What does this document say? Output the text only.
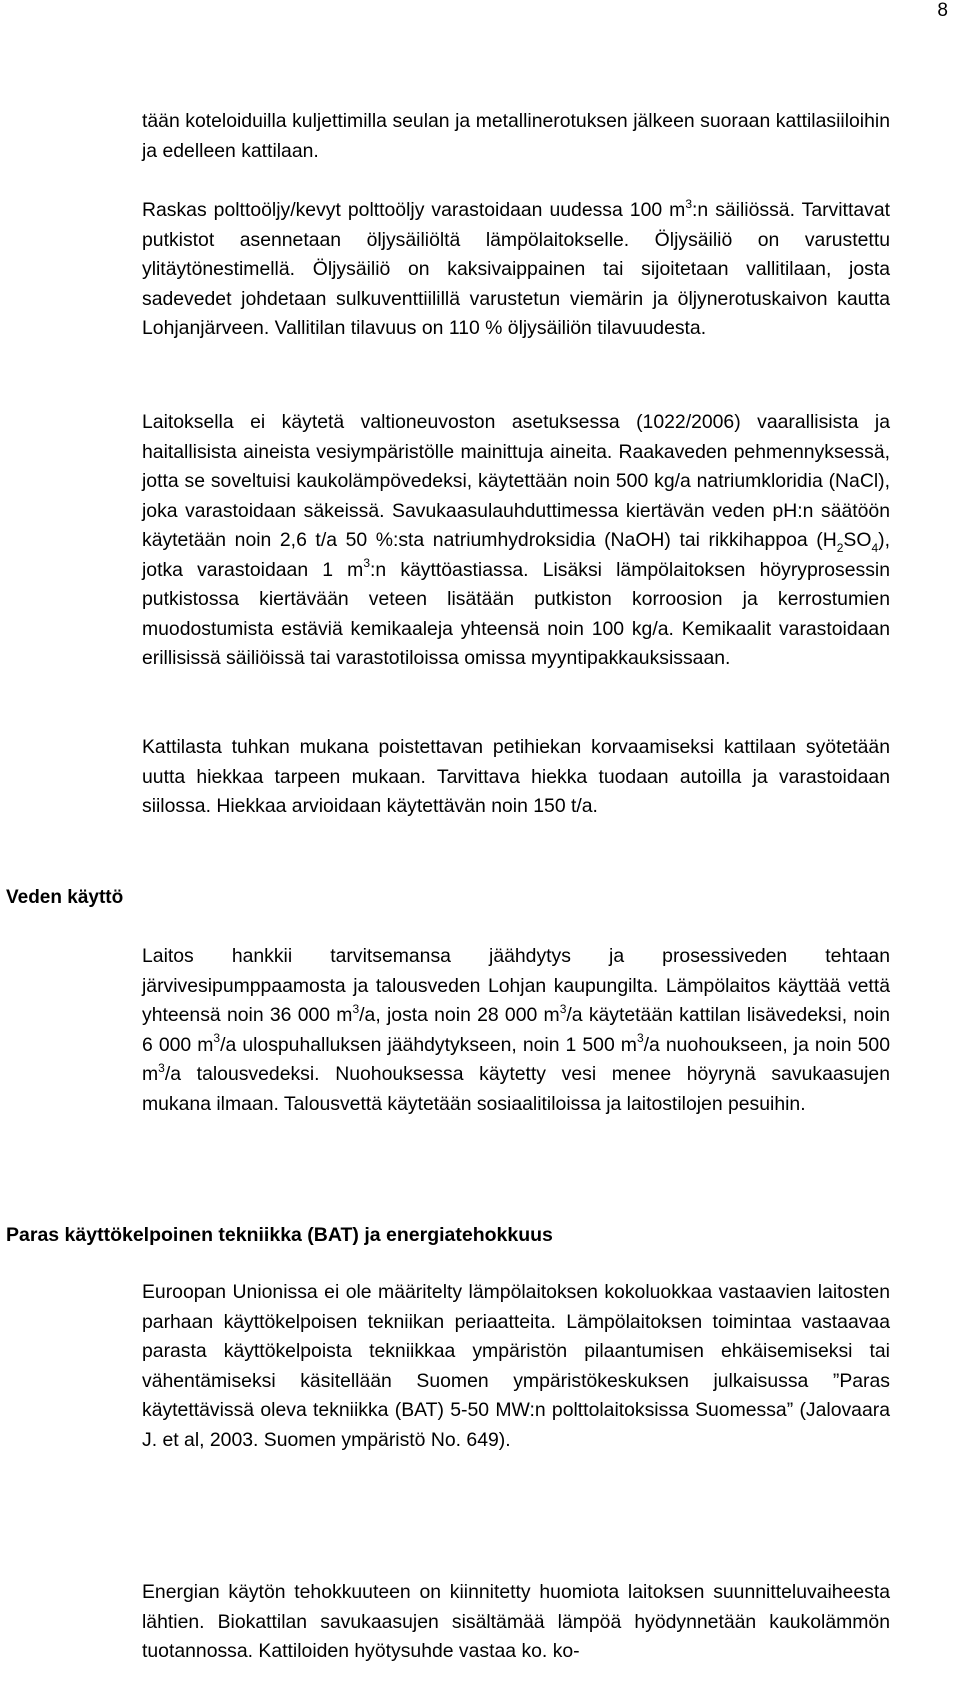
8

tään koteloiduilla kuljettimilla seulan ja metallinerotuksen jälkeen suoraan kattilasiiloihin ja edelleen kattilaan.

Raskas polttoöljy/kevyt polttoöljy varastoidaan uudessa 100 $m^3:n$ säiliössä. Tarvittavat putkistot asennetaan öljysäiliöltä lämpölaitokselle. Öljysäiliö on varustettu ylitäytönestimellä. Öljysäiliö on kaksivaippainen tai sijoitetaan vallitilaan, josta sadevedet johdetaan sulkuventtiilillä varustetun viemärin ja öljynerotuskaivon kautta Lohjanjärveen. Vallitilan tilavuus on 110 % öljysäiliön tilavuudesta.

Laitoksella ei käytetä valtioneuvoston asetuksessa (1022/2006) vaarallisista ja haitallisista aineista vesiympäristölle mainittuja aineita. Raakaveden pehmennyksessä, jotta se soveltuisi kaukolämpövedeksi, käytettään noin 500 kg/a natriumkloridia (NaCl), joka varastoidaan säkeissä. Savukaasulauhduttimessa kiertävän veden pH:n säätöön käytetään noin 2,6 t/a 50 %:sta natriumhydroksidia (NaOH) tai rikkihappoa $(H_2SO_4)$, jotka varastoidaan 1 $m^3:n$ käyttöastiassa. Lisäksi lämpölaitoksen höyryprosessin putkistossa kiertävään veteen lisätään putkiston korroosion ja kerrostumien muodostumista estäviä kemikaaleja yhteensä noin 100 kg/a. Kemikaalit varastoidaan erillisissä säiliöissä tai varastotiloissa omissa myyntipakkauksissaan.

Kattilasta tuhkan mukana poistettavan petihiekan korvaamiseksi kattilaan syötetään uutta hiekkaa tarpeen mukaan. Tarvittava hiekka tuodaan autoilla ja varastoidaan siilossa. Hiekkaa arvioidaan käytettävän noin 150 t/a.

Veden käyttö

Laitos hankkii tarvitsemansa jäähdytys ja prosessiveden tehtaan järvivesipumppaamosta ja talousveden Lohjan kaupungilta. Lämpölaitos käyttää vettä yhteensä noin 36 000 $m^3/a$, josta noin 28 000 $m^3/a$ käytetään kattilan lisävedeksi, noin 6 000 $m^3/a$ ulospuhalluksen jäähdytykseen, noin 1 500 $m^3/a$ nuohoukseen, ja noin 500 $m^3/a$ talousvedeksi. Nuohouksessa käytetty vesi menee höyrynä savukaasujen mukana ilmaan. Talousvettä käytetään sosiaalitiloissa ja laitostilojen pesuihin.

Paras käyttökelpoinen tekniikka (BAT) ja energiatehokkuus

Euroopan Unionissa ei ole määritelty lämpölaitoksen kokoluokkaa vastaavien laitosten parhaan käyttökelpoisen tekniikan periaatteita. Lämpölaitoksen toimintaa vastaavaa parasta käyttökelpoista tekniikkaa ympäristön pilaantumisen ehkäisemiseksi tai vähentämiseksi käsitellään Suomen ympäristökeskuksen julkaisussa ”Paras käytettävissä oleva tekniikka (BAT) 5-50 MW:n polttolaitoksissa Suomessa” (Jalovaara J. et al, 2003. Suomen ympäristö No. 649).

Energian käytön tehokkuuteen on kiinnitetty huomiota laitoksen suunnitteluvaiheesta lähtien. Biokattilan savukaasujen sisältämää lämpöä hyödynnetään kaukolämmön tuotannossa. Kattiloiden hyötysuhde vastaa ko. ko-
